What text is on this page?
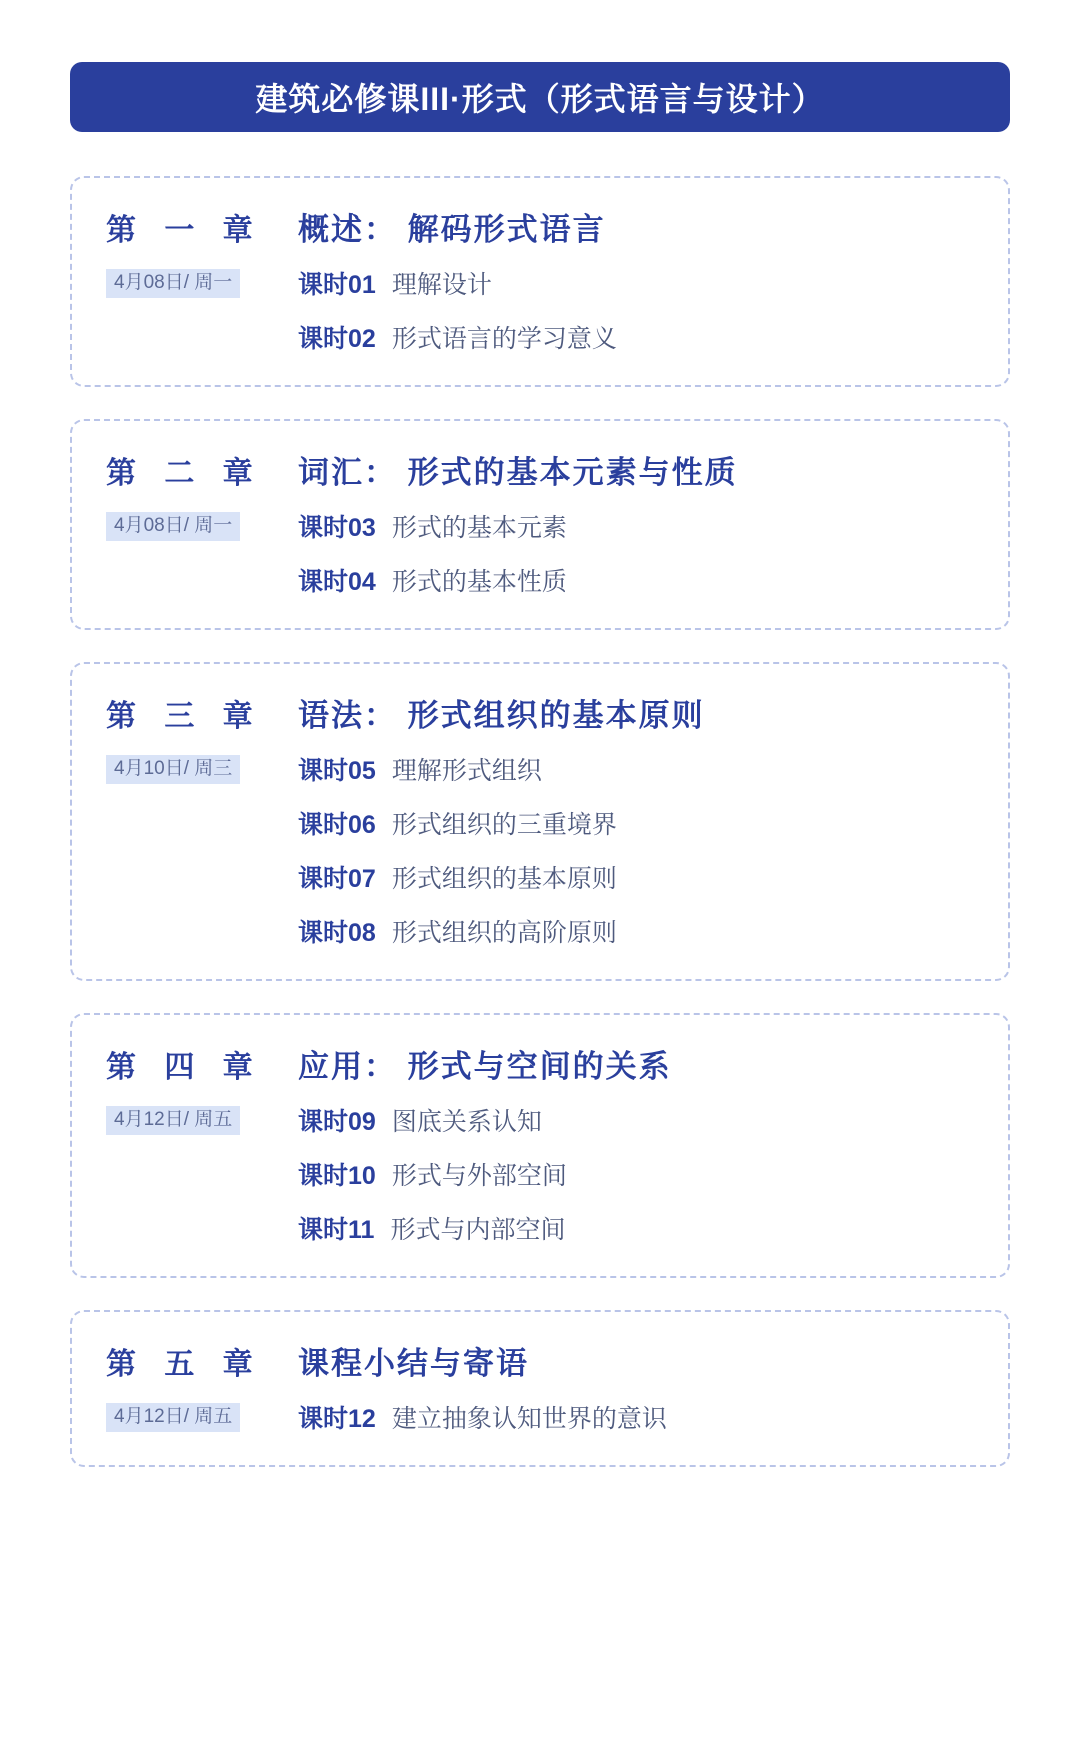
建筑必修课III·形式（形式语言与设计）
第 一 章	概述： 解码形式语言
4月08日/ 周一	课时01 理解设计
课时02 形式语言的学习意义
第 二 章	词汇： 形式的基本元素与性质
4月08日/ 周一	课时03 形式的基本元素
课时04 形式的基本性质
第 三 章	语法： 形式组织的基本原则
4月10日/ 周三	课时05 理解形式组织
课时06 形式组织的三重境界
课时07 形式组织的基本原则
课时08 形式组织的高阶原则
第 四 章	应用： 形式与空间的关系
4月12日/ 周五	课时09 图底关系认知
课时10 形式与外部空间
课时11 形式与内部空间
第 五 章	课程小结与寄语
4月12日/ 周五	课时12 建立抽象认知世界的意识
